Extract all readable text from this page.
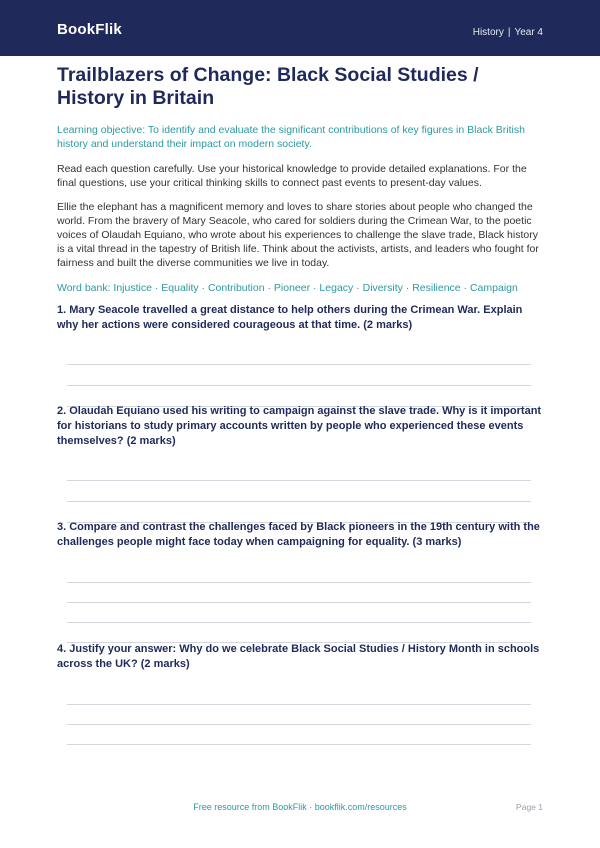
BookFlik	History | Year 4
Trailblazers of Change: Black Social Studies / History in Britain
Learning objective: To identify and evaluate the significant contributions of key figures in Black British history and understand their impact on modern society.
Read each question carefully. Use your historical knowledge to provide detailed explanations. For the final questions, use your critical thinking skills to connect past events to present-day values.
Ellie the elephant has a magnificent memory and loves to share stories about people who changed the world. From the bravery of Mary Seacole, who cared for soldiers during the Crimean War, to the poetic voices of Olaudah Equiano, who wrote about his experiences to challenge the slave trade, Black history is a vital thread in the tapestry of British life. Think about the activists, artists, and leaders who fought for fairness and built the diverse communities we live in today.
Word bank: Injustice · Equality · Contribution · Pioneer · Legacy · Diversity · Resilience · Campaign
1. Mary Seacole travelled a great distance to help others during the Crimean War. Explain why her actions were considered courageous at that time. (2 marks)
2. Olaudah Equiano used his writing to campaign against the slave trade. Why is it important for historians to study primary accounts written by people who experienced these events themselves? (2 marks)
3. Compare and contrast the challenges faced by Black pioneers in the 19th century with the challenges people might face today when campaigning for equality. (3 marks)
4. Justify your answer: Why do we celebrate Black Social Studies / History Month in schools across the UK? (2 marks)
Free resource from BookFlik · bookflik.com/resources	Page 1
